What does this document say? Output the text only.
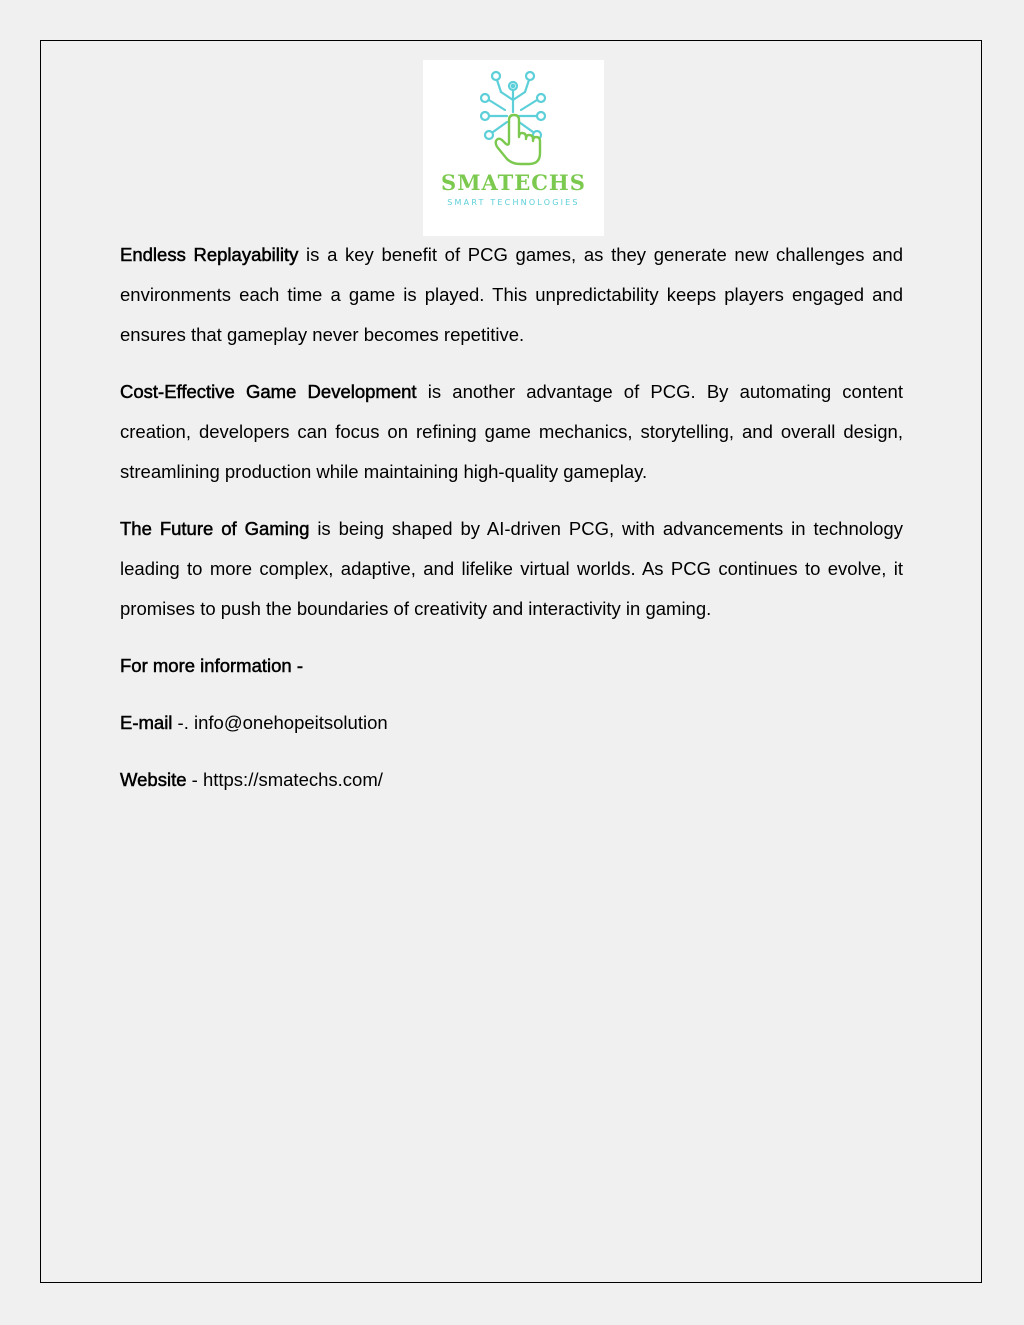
SMATECHS
SMART TECHNOLOGIES

Endless Replayability is a key benefit of PCG games, as they generate new challenges and environments each time a game is played. This unpredictability keeps players engaged and ensures that gameplay never becomes repetitive.

Cost-Effective Game Development is another advantage of PCG. By automating content creation, developers can focus on refining game mechanics, storytelling, and overall design, streamlining production while maintaining high-quality gameplay.

The Future of Gaming is being shaped by AI-driven PCG, with advancements in technology leading to more complex, adaptive, and lifelike virtual worlds. As PCG continues to evolve, it promises to push the boundaries of creativity and interactivity in gaming.

For more information -
E-mail -. info@onehopeitsolution
Website - https://smatechs.com/
